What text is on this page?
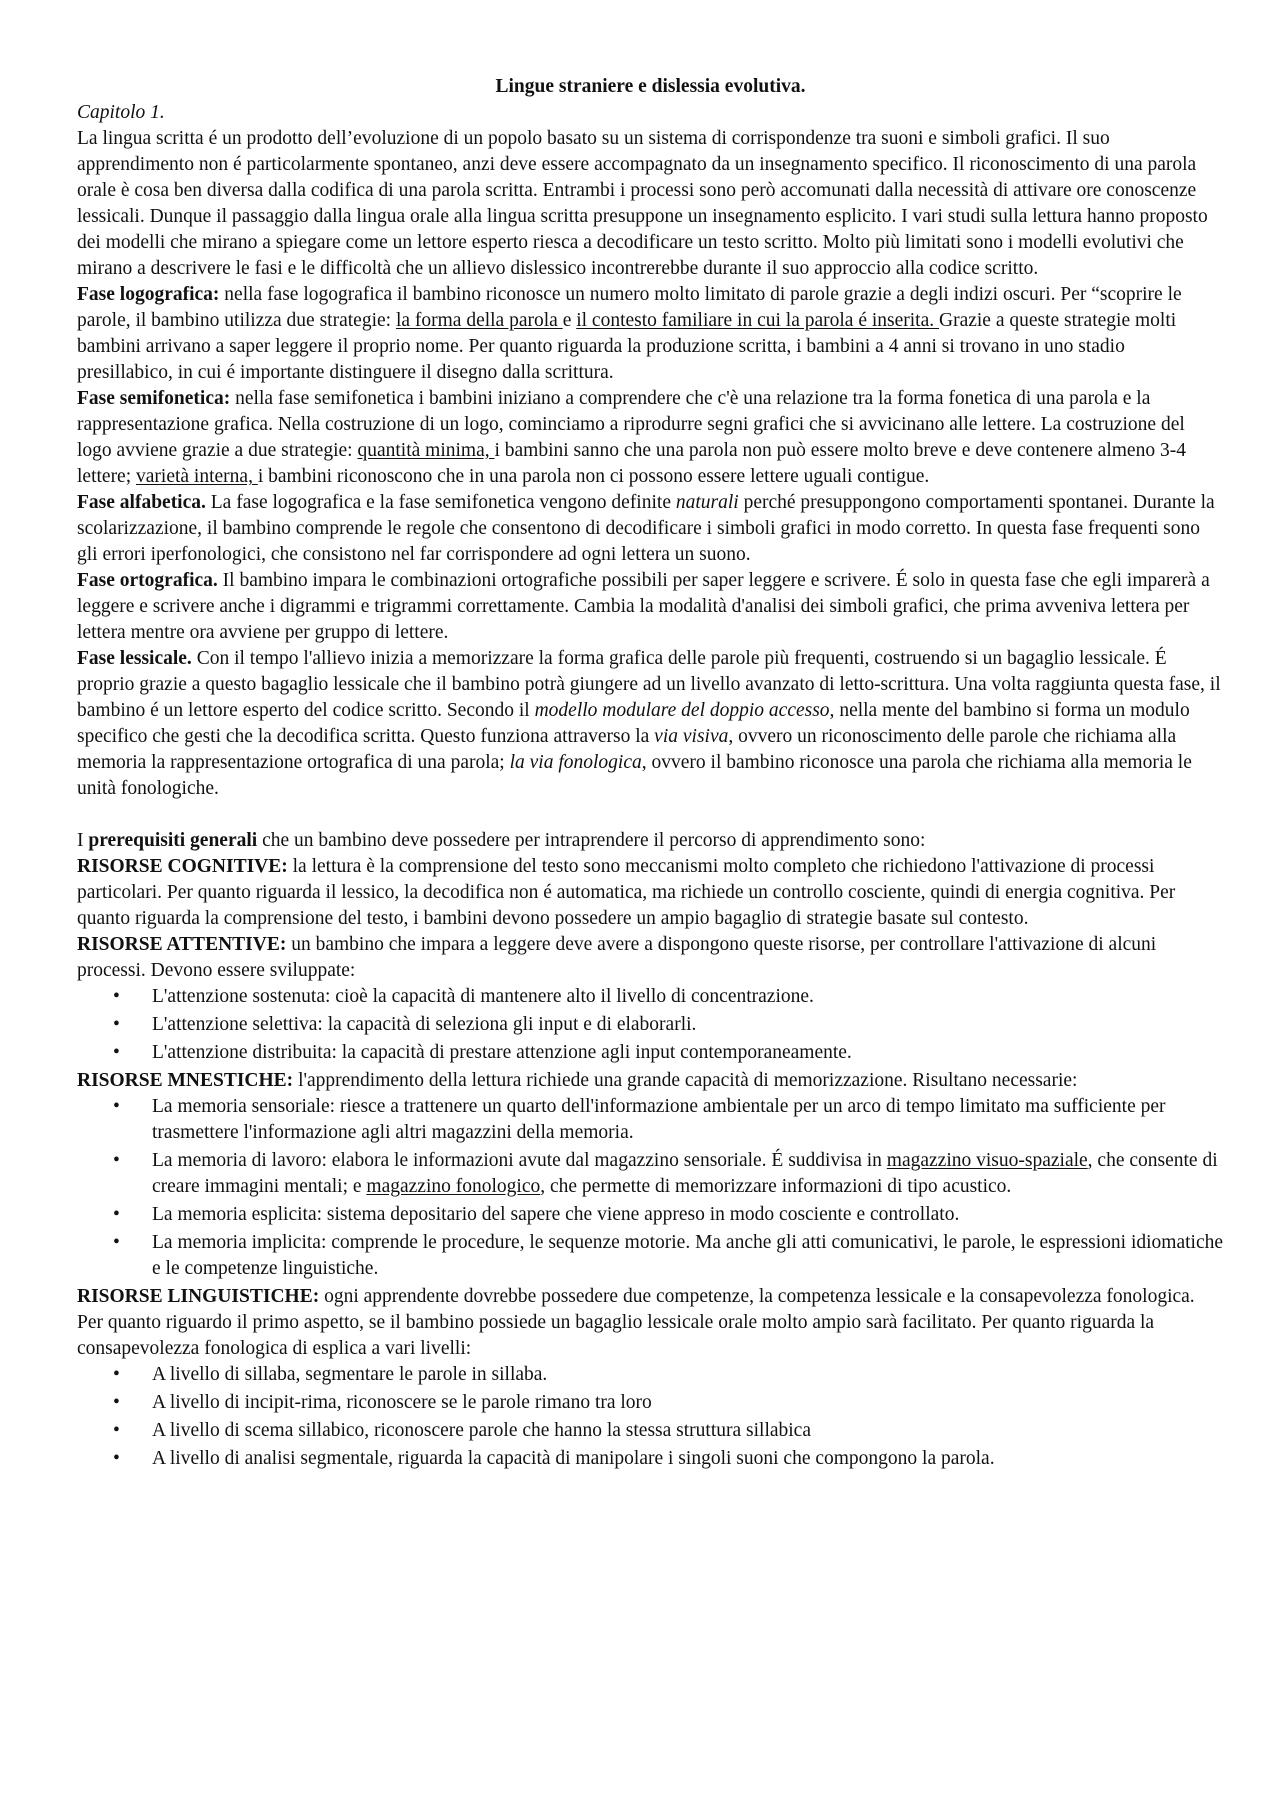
Lingue straniere e dislessia evolutiva.

Capitolo 1.

La lingua scritta é un prodotto dell’evoluzione di un popolo basato su un sistema di corrispondenze tra suoni e simboli grafici. Il suo apprendimento non é particolarmente spontaneo, anzi deve essere accompagnato da un insegnamento specifico. Il riconoscimento di una parola orale è cosa ben diversa dalla codifica di una parola scritta. Entrambi i processi sono però accomunati dalla necessità di attivare ore conoscenze lessicali. Dunque il passaggio dalla lingua orale alla lingua scritta presuppone un insegnamento esplicito. I vari studi sulla lettura hanno proposto dei modelli che mirano a spiegare come un lettore esperto riesca a decodificare un testo scritto. Molto più limitati sono i modelli evolutivi che mirano a descrivere le fasi e le difficoltà che un allievo dislessico incontrerebbe durante il suo approccio alla codice scritto.

Fase logografica: nella fase logografica il bambino riconosce un numero molto limitato di parole grazie a degli indizi oscuri. Per “scoprire le parole, il bambino utilizza due strategie: la forma della parola e il contesto familiare in cui la parola é inserita. Grazie a queste strategie molti bambini arrivano a saper leggere il proprio nome. Per quanto riguarda la produzione scritta, i bambini a 4 anni si trovano in uno stadio presillabico, in cui é importante distinguere il disegno dalla scrittura.

Fase semifonetica: nella fase semifonetica i bambini iniziano a comprendere che c'è una relazione tra la forma fonetica di una parola e la rappresentazione grafica. Nella costruzione di un logo, cominciamo a riprodurre segni grafici che si avvicinano alle lettere. La costruzione del logo avviene grazie a due strategie: quantità minima, i bambini sanno che una parola non può essere molto breve e deve contenere almeno 3-4 lettere; varietà interna, i bambini riconoscono che in una parola non ci possono essere lettere uguali contigue.

Fase alfabetica. La fase logografica e la fase semifonetica vengono definite naturali perché presuppongono comportamenti spontanei. Durante la scolarizzazione, il bambino comprende le regole che consentono di decodificare i simboli grafici in modo corretto. In questa fase frequenti sono gli errori iperfonologici, che consistono nel far corrispondere ad ogni lettera un suono.

Fase ortografica. Il bambino impara le combinazioni ortografiche possibili per saper leggere e scrivere. É solo in questa fase che egli imparerà a leggere e scrivere anche i digrammi e trigrammi correttamente. Cambia la modalità d'analisi dei simboli grafici, che prima avveniva lettera per lettera mentre ora avviene per gruppo di lettere.

Fase lessicale. Con il tempo l'allievo inizia a memorizzare la forma grafica delle parole più frequenti, costruendo si un bagaglio lessicale. É proprio grazie a questo bagaglio lessicale che il bambino potrà giungere ad un livello avanzato di letto-scrittura. Una volta raggiunta questa fase, il bambino é un lettore esperto del codice scritto. Secondo il modello modulare del doppio accesso, nella mente del bambino si forma un modulo specifico che gesti che la decodifica scritta. Questo funziona attraverso la via visiva, ovvero un riconoscimento delle parole che richiama alla memoria la rappresentazione ortografica di una parola; la via fonologica, ovvero il bambino riconosce una parola che richiama alla memoria le unità fonologiche.

I prerequisiti generali che un bambino deve possedere per intraprendere il percorso di apprendimento sono:

RISORSE COGNITIVE: la lettura è la comprensione del testo sono meccanismi molto completo che richiedono l'attivazione di processi particolari. Per quanto riguarda il lessico, la decodifica non é automatica, ma richiede un controllo cosciente, quindi di energia cognitiva. Per quanto riguarda la comprensione del testo, i bambini devono possedere un ampio bagaglio di strategie basate sul contesto.

RISORSE ATTENTIVE: un bambino che impara a leggere deve avere a dispongono queste risorse, per controllare l'attivazione di alcuni processi. Devono essere sviluppate:

• L'attenzione sostenuta: cioè la capacità di mantenere alto il livello di concentrazione.
• L'attenzione selettiva: la capacità di seleziona gli input e di elaborarli.
• L'attenzione distribuita: la capacità di prestare attenzione agli input contemporaneamente.

RISORSE MNESTICHE: l'apprendimento della lettura richiede una grande capacità di memorizzazione. Risultano necessarie:

• La memoria sensoriale: riesce a trattenere un quarto dell'informazione ambientale per un arco di tempo limitato ma sufficiente per trasmettere l'informazione agli altri magazzini della memoria.
• La memoria di lavoro: elabora le informazioni avute dal magazzino sensoriale. É suddivisa in magazzino visuo-spaziale, che consente di creare immagini mentali; e magazzino fonologico, che permette di memorizzare informazioni di tipo acustico.
• La memoria esplicita: sistema depositario del sapere che viene appreso in modo cosciente e controllato.
• La memoria implicita: comprende le procedure, le sequenze motorie. Ma anche gli atti comunicativi, le parole, le espressioni idiomatiche e le competenze linguistiche.

RISORSE LINGUISTICHE: ogni apprendente dovrebbe possedere due competenze, la competenza lessicale e la consapevolezza fonologica. Per quanto riguardo il primo aspetto, se il bambino possiede un bagaglio lessicale orale molto ampio sarà facilitato. Per quanto riguarda la consapevolezza fonologica di esplica a vari livelli:

• A livello di sillaba, segmentare le parole in sillaba.
• A livello di incipit-rima, riconoscere se le parole rimano tra loro
• A livello di scema sillabico, riconoscere parole che hanno la stessa struttura sillabica
• A livello di analisi segmentale, riguarda la capacità di manipolare i singoli suoni che compongono la parola.
